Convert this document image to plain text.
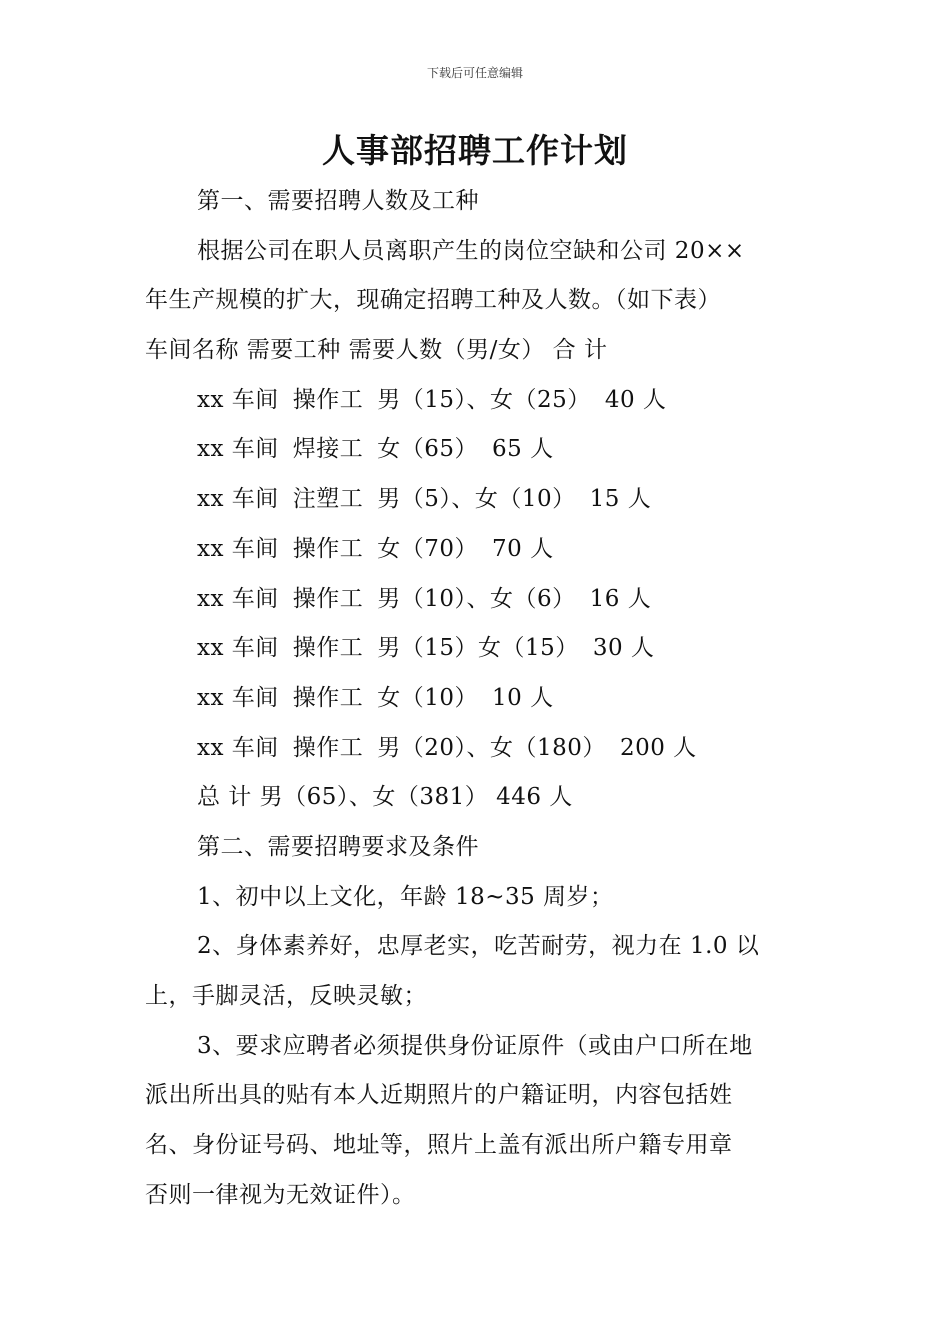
下载后可任意编辑
人事部招聘工作计划
第一、需要招聘人数及工种
根据公司在职人员离职产生的岗位空缺和公司 20××
年生产规模的扩大，现确定招聘工种及人数。（如下表）
车间名称 需要工种 需要人数（男/女） 合 计
xx 车间 操作工 男（15）、女（25） 40 人
xx 车间 焊接工 女（65） 65 人
xx 车间 注塑工 男（5）、女（10） 15 人
xx 车间 操作工 女（70） 70 人
xx 车间 操作工 男（10）、女（6） 16 人
xx 车间 操作工 男（15）女（15） 30 人
xx 车间 操作工 女（10） 10 人
xx 车间 操作工 男（20）、女（180） 200 人
总 计 男（65）、女（381） 446 人
第二、需要招聘要求及条件
1、初中以上文化，年龄 18~35 周岁；
2、身体素养好，忠厚老实，吃苦耐劳，视力在 1.0 以
上，手脚灵活，反映灵敏；
3、要求应聘者必须提供身份证原件（或由户口所在地
派出所出具的贴有本人近期照片的户籍证明，内容包括姓
名、身份证号码、地址等，照片上盖有派出所户籍专用章
否则一律视为无效证件）。
